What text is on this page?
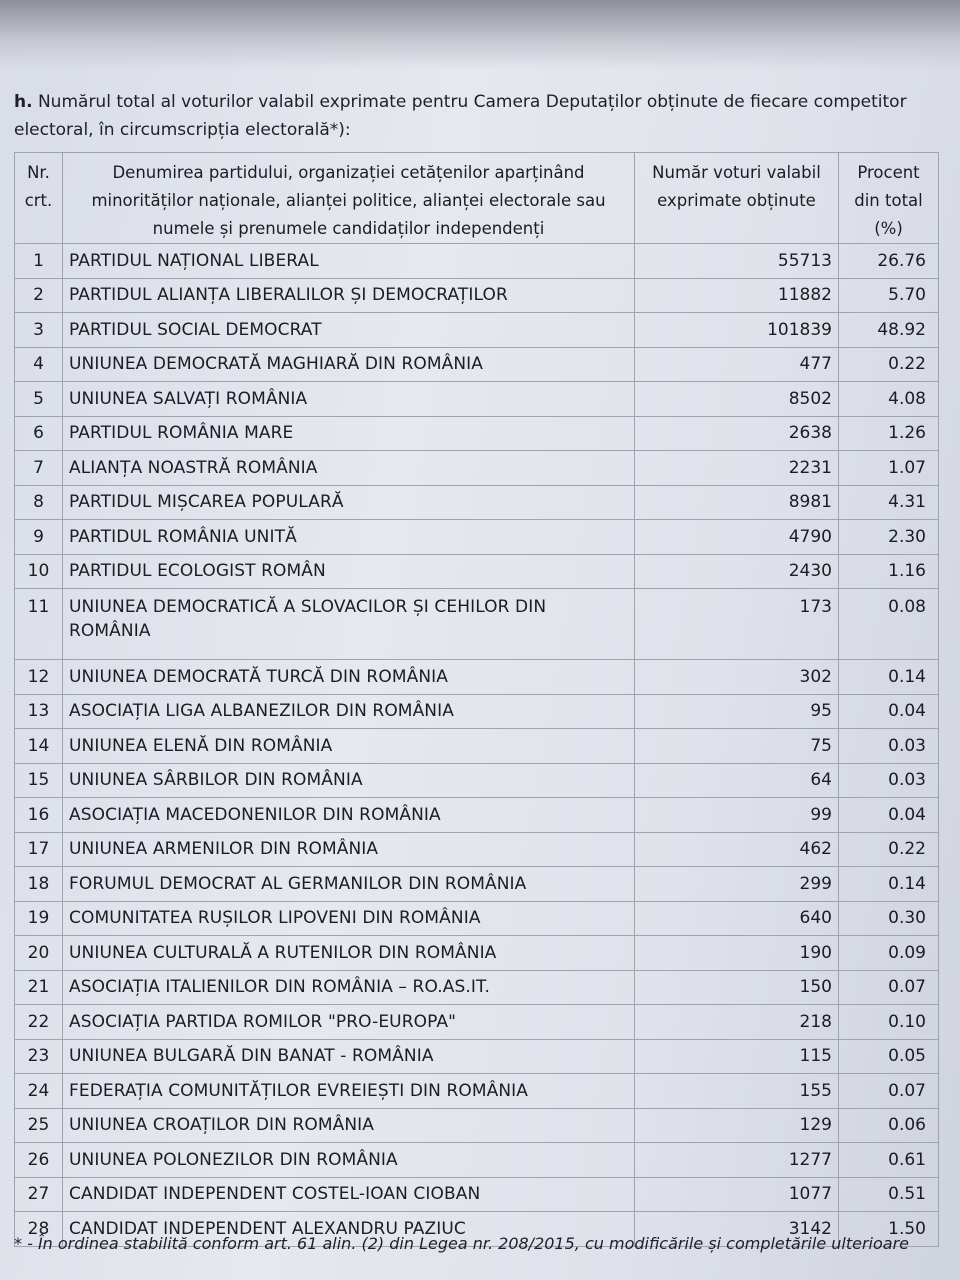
h. Numărul total al voturilor valabil exprimate pentru Camera Deputaților obținute de fiecare competitor electoral, în circumscripția electorală*):
Nr. crt.	Denumirea partidului, organizației cetățenilor aparținând minorităților naționale, alianței politice, alianței electorale sau numele și prenumele candidaților independenți	Număr voturi valabil exprimate obținute	Procent din total (%)
1	PARTIDUL NAȚIONAL LIBERAL	55713	26.76
2	PARTIDUL ALIANȚA LIBERALILOR ȘI DEMOCRAȚILOR	11882	5.70
3	PARTIDUL SOCIAL DEMOCRAT	101839	48.92
4	UNIUNEA DEMOCRATĂ MAGHIARĂ DIN ROMÂNIA	477	0.22
5	UNIUNEA SALVAȚI ROMÂNIA	8502	4.08
6	PARTIDUL ROMÂNIA MARE	2638	1.26
7	ALIANȚA NOASTRĂ ROMÂNIA	2231	1.07
8	PARTIDUL MIȘCAREA POPULARĂ	8981	4.31
9	PARTIDUL ROMÂNIA UNITĂ	4790	2.30
10	PARTIDUL ECOLOGIST ROMÂN	2430	1.16
11	UNIUNEA DEMOCRATICĂ A SLOVACILOR ȘI CEHILOR DIN ROMÂNIA	173	0.08
12	UNIUNEA DEMOCRATĂ TURCĂ DIN ROMÂNIA	302	0.14
13	ASOCIAȚIA LIGA ALBANEZILOR DIN ROMÂNIA	95	0.04
14	UNIUNEA ELENĂ DIN ROMÂNIA	75	0.03
15	UNIUNEA SÂRBILOR DIN ROMÂNIA	64	0.03
16	ASOCIAȚIA MACEDONENILOR DIN ROMÂNIA	99	0.04
17	UNIUNEA ARMENILOR DIN ROMÂNIA	462	0.22
18	FORUMUL DEMOCRAT AL GERMANILOR DIN ROMÂNIA	299	0.14
19	COMUNITATEA RUȘILOR LIPOVENI DIN ROMÂNIA	640	0.30
20	UNIUNEA CULTURALĂ A RUTENILOR DIN ROMÂNIA	190	0.09
21	ASOCIAȚIA ITALIENILOR DIN ROMÂNIA – RO.AS.IT.	150	0.07
22	ASOCIAȚIA PARTIDA ROMILOR "PRO-EUROPA"	218	0.10
23	UNIUNEA BULGARĂ DIN BANAT - ROMÂNIA	115	0.05
24	FEDERAȚIA COMUNITĂȚILOR EVREIEȘTI DIN ROMÂNIA	155	0.07
25	UNIUNEA CROAȚILOR DIN ROMÂNIA	129	0.06
26	UNIUNEA POLONEZILOR DIN ROMÂNIA	1277	0.61
27	CANDIDAT INDEPENDENT COSTEL-IOAN CIOBAN	1077	0.51
28	CANDIDAT INDEPENDENT ALEXANDRU PAZIUC	3142	1.50
* - În ordinea stabilită conform art. 61 alin. (2) din Legea nr. 208/2015, cu modificările și completările ulterioare
